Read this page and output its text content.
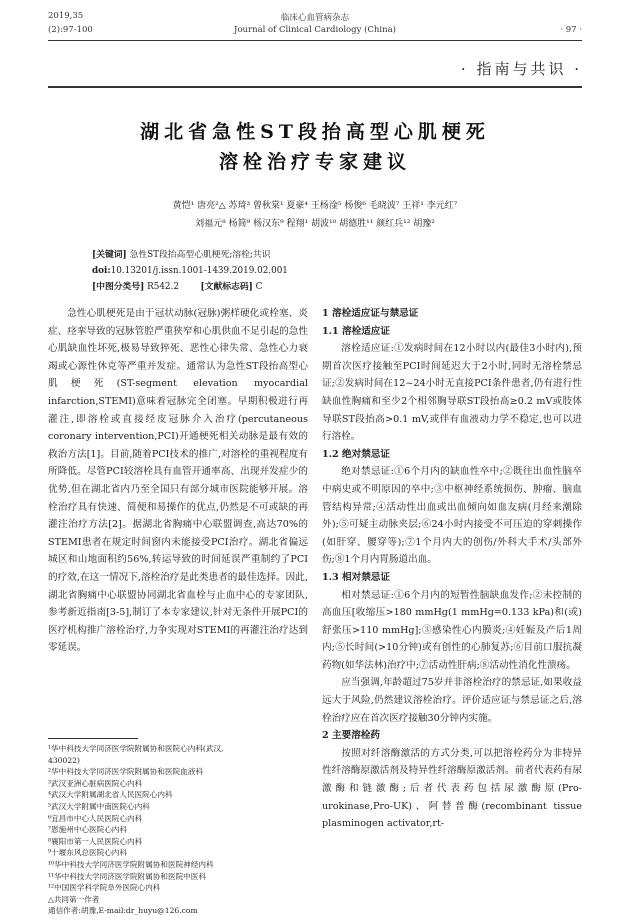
2019,35
(2):97-100
临床心血管病杂志
Journal of Clinical Cardiology (China)	· 97 ·
· 指南与共识 ·
湖北省急性ST段抬高型心肌梗死
溶栓治疗专家建议
黄恺¹ 唐亮²△ 苏琦³ 曾秋棠¹ 夏豪⁴ 王杨淦⁵ 杨俊⁶ 毛晓波⁷ 王祥¹ 李元红⁷
刘福元⁸ 杨简⁹ 杨汉东⁹ 程翔¹ 胡波¹⁰ 胡德胜¹¹ 颜红兵¹² 胡豫²
[关键词] 急性ST段抬高型心肌梗死;溶栓;共识
doi:10.13201/j.issn.1001-1439.2019.02.001
[中图分类号] R542.2 [文献标志码] C

急性心肌梗死是由于冠状动脉(冠脉)粥样硬化或栓塞、炎症、痉挛导致的冠脉管腔严重狭窄和心肌供血不足引起的急性心肌缺血性坏死,极易导致猝死、恶性心律失常、急性心力衰竭或心源性休克等严重并发症。通常认为急性ST段抬高型心肌梗死(ST-segment elevation myocardial infarction,STEMI)意味着冠脉完全闭塞。早期积极进行再灌注,即溶栓或直接经皮冠脉介入治疗(percutaneous coronary intervention,PCI)开通梗死相关动脉是最有效的救治方法[1]。目前,随着PCI技术的推广,对溶栓的重视程度有所降低。尽管PCI较溶栓具有血管开通率高、出现并发症少的优势,但在湖北省内乃至全国只有部分城市医院能够开展。溶栓治疗具有快速、简便和易操作的优点,仍然是不可或缺的再灌注治疗方法[2]。据湖北省胸痛中心联盟调查,高达70%的STEMI患者在规定时间窗内未能接受PCI治疗。湖北省偏远城区和山地面积约56%,转运导致的时间延误严重制约了PCI的疗效,在这一情况下,溶栓治疗是此类患者的最佳选择。因此,湖北省胸痛中心联盟协同湖北省血栓与止血中心的专家团队,参考新近指南[3-5],制订了本专家建议,针对无条件开展PCI的医疗机构推广溶栓治疗,力争实现对STEMI的再灌注治疗达到零延误。

¹华中科技大学同济医学院附属协和医院心内科(武汉,
430022)
²华中科技大学同济医学院附属协和医院血液科
³武汉亚洲心脏病医院心内科
⁴武汉大学附属湖北省人民医院心内科
⁵武汉大学附属中南医院心内科
⁶宜昌市中心人民医院心内科
⁷恩施州中心医院心内科
⁸襄阳市第一人民医院心内科
⁹十堰东风总医院心内科
¹⁰华中科技大学同济医学院附属协和医院神经内科
¹¹华中科技大学同济医学院附属协和医院中医科
¹²中国医学科学院阜外医院心内科
△共同第一作者
通信作者:胡豫,E-mail:dr_huyu@126.com

1 溶栓适应证与禁忌证

1.1 溶栓适应证

溶栓适应证:①发病时间在12小时以内(最佳3小时内),预期首次医疗接触至PCI时间延迟大于2小时,同时无溶栓禁忌证;②发病时间在12~24小时无直接PCI条件患者,仍有进行性缺血性胸痛和至少2个相邻胸导联ST段抬高≥0.2 mV或肢体导联ST段抬高>0.1 mV,或伴有血液动力学不稳定,也可以进行溶栓。

1.2 绝对禁忌证

绝对禁忌证:①6个月内的缺血性卒中;②既往出血性脑卒中病史或不明原因的卒中;③中枢神经系统损伤、肿瘤、脑血管结构异常;④活动性出血或出血倾向如血友病(月经来潮除外);⑤可疑主动脉夹层;⑥24小时内接受不可压迫的穿刺操作(如肝穿、腰穿等);⑦1个月内大的创伤/外科大手术/头部外伤;⑧1个月内胃肠道出血。

1.3 相对禁忌证

相对禁忌证:①6个月内的短暂性脑缺血发作;②未控制的高血压[收缩压>180 mmHg(1 mmHg=0.133 kPa)和(或)舒张压>110 mmHg];③感染性心内膜炎;④妊娠及产后1周内;⑤长时间(>10分钟)或有创性的心肺复苏;⑥目前口服抗凝药物(如华法林)治疗中;⑦活动性肝病;⑧活动性消化性溃疡。

应当强调,年龄超过75岁并非溶栓治疗的禁忌证,如果收益远大于风险,仍然建议溶栓治疗。评价适应证与禁忌证之后,溶栓治疗应在首次医疗接触30分钟内实施。

2 主要溶栓药

按照对纤溶酶激活的方式分类,可以把溶栓药分为非特异性纤溶酶原激活剂及特异性纤溶酶原激活剂。前者代表药有尿激酶和链激酶;后者代表药包括尿激酶原(Pro-urokinase,Pro-UK)、阿替普酶(recombinant tissue plasminogen activator,rt-
